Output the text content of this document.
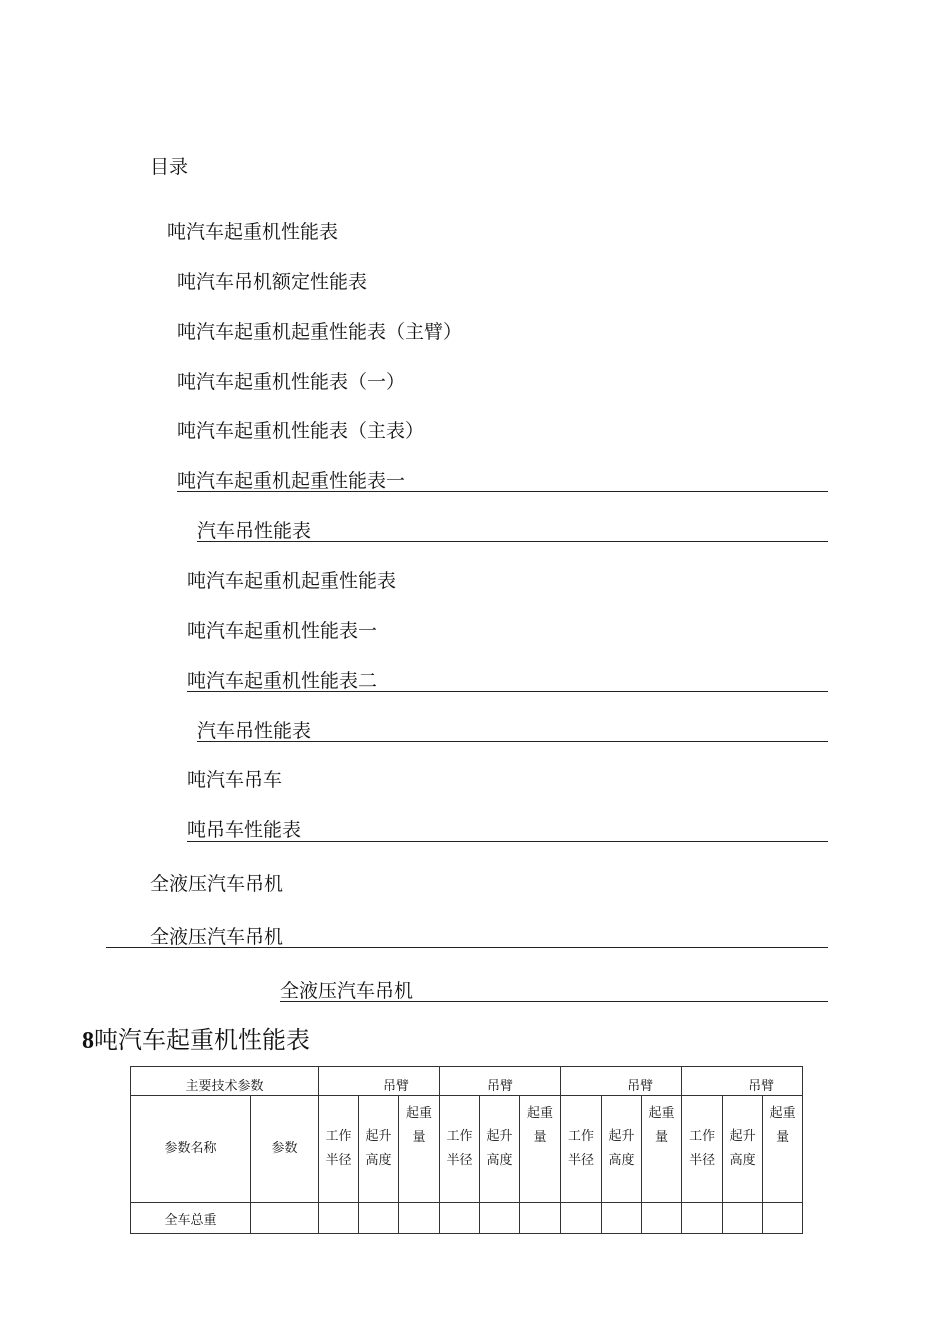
目录
吨汽车起重机性能表
吨汽车吊机额定性能表
吨汽车起重机起重性能表（主臂）
吨汽车起重机性能表（一）
吨汽车起重机性能表（主表）
吨汽车起重机起重性能表一
汽车吊性能表
吨汽车起重机起重性能表
吨汽车起重机性能表一
吨汽车起重机性能表二
汽车吊性能表
吨汽车吊车
吨吊车性能表
全液压汽车吊机
全液压汽车吊机
全液压汽车吊机
8吨汽车起重机性能表
主要技术参数		吊臂			吊臂			吊臂			吊臂		
参数名称	参数	工作半径	起升高度	起重量	工作半径	起升高度	起重量	工作半径	起升高度	起重量	工作半径	起升高度	起重量
全车总重													
